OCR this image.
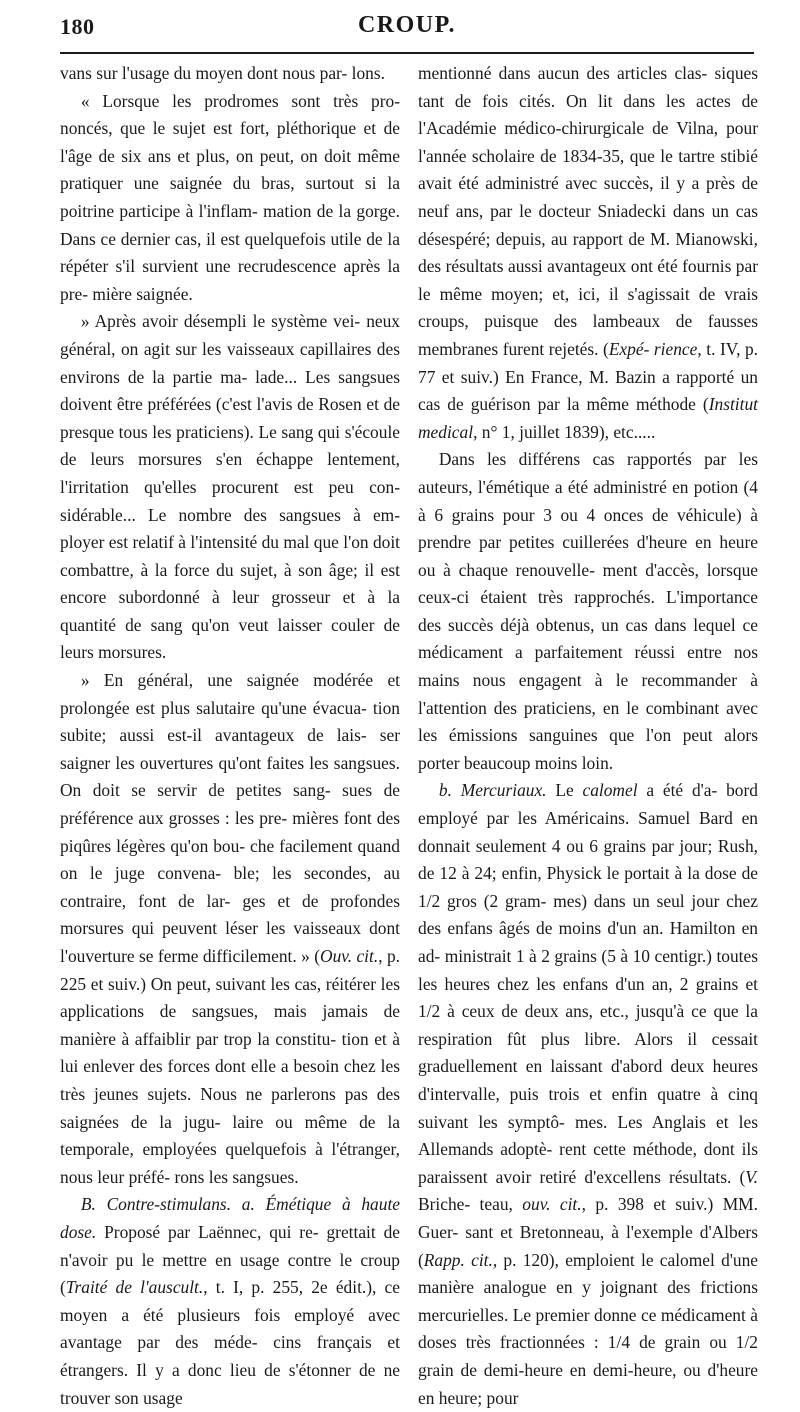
180	CROUP.

vans sur l'usage du moyen dont nous par- lons.

« Lorsque les prodromes sont très pro- noncés, que le sujet est fort, pléthorique et de l'âge de six ans et plus, on peut, on doit même pratiquer une saignée du bras, surtout si la poitrine participe à l'inflam- mation de la gorge. Dans ce dernier cas, il est quelquefois utile de la répéter s'il survient une recrudescence après la pre- mière saignée.

» Après avoir désempli le système vei- neux général, on agit sur les vaisseaux capillaires des environs de la partie ma- lade... Les sangsues doivent être préférées (c'est l'avis de Rosen et de presque tous les praticiens). Le sang qui s'écoule de leurs morsures s'en échappe lentement, l'irritation qu'elles procurent est peu con- sidérable... Le nombre des sangsues à em- ployer est relatif à l'intensité du mal que l'on doit combattre, à la force du sujet, à son âge; il est encore subordonné à leur grosseur et à la quantité de sang qu'on veut laisser couler de leurs morsures.

» En général, une saignée modérée et prolongée est plus salutaire qu'une évacua- tion subite; aussi est-il avantageux de lais- ser saigner les ouvertures qu'ont faites les sangsues. On doit se servir de petites sang- sues de préférence aux grosses : les pre- mières font des piqûres légères qu'on bou- che facilement quand on le juge convena- ble; les secondes, au contraire, font de lar- ges et de profondes morsures qui peuvent léser les vaisseaux dont l'ouverture se ferme difficilement. » (Ouv. cit., p. 225 et suiv.) On peut, suivant les cas, réitérer les applications de sangsues, mais jamais de manière à affaiblir par trop la constitu- tion et à lui enlever des forces dont elle a besoin chez les très jeunes sujets. Nous ne parlerons pas des saignées de la jugu- laire ou même de la temporale, employées quelquefois à l'étranger, nous leur préfé- rons les sangsues.

B. Contre-stimulans. a. Émétique à haute dose. Proposé par Laënnec, qui re- grettait de n'avoir pu le mettre en usage contre le croup (Traité de l'auscult., t. I, p. 255, 2e édit.), ce moyen a été plusieurs fois employé avec avantage par des méde- cins français et étrangers. Il y a donc lieu de s'étonner de ne trouver son usage

mentionné dans aucun des articles clas- siques tant de fois cités. On lit dans les actes de l'Académie médico-chirurgicale de Vilna, pour l'année scholaire de 1834-35, que le tartre stibié avait été administré avec succès, il y a près de neuf ans, par le docteur Sniadecki dans un cas désespéré; depuis, au rapport de M. Mianowski, des résultats aussi avantageux ont été fournis par le même moyen; et, ici, il s'agissait de vrais croups, puisque des lambeaux de fausses membranes furent rejetés. (Expé- rience, t. IV, p. 77 et suiv.) En France, M. Bazin a rapporté un cas de guérison par la même méthode (Institut medical, n° 1, juillet 1839), etc.....

Dans les différens cas rapportés par les auteurs, l'émétique a été administré en potion (4 à 6 grains pour 3 ou 4 onces de véhicule) à prendre par petites cuillerées d'heure en heure ou à chaque renouvelle- ment d'accès, lorsque ceux-ci étaient très rapprochés. L'importance des succès déjà obtenus, un cas dans lequel ce médicament a parfaitement réussi entre nos mains nous engagent à le recommander à l'attention des praticiens, en le combinant avec les émissions sanguines que l'on peut alors porter beaucoup moins loin.

b. Mercuriaux. Le calomel a été d'a- bord employé par les Américains. Samuel Bard en donnait seulement 4 ou 6 grains par jour; Rush, de 12 à 24; enfin, Physick le portait à la dose de 1/2 gros (2 gram- mes) dans un seul jour chez des enfans âgés de moins d'un an. Hamilton en ad- ministrait 1 à 2 grains (5 à 10 centigr.) toutes les heures chez les enfans d'un an, 2 grains et 1/2 à ceux de deux ans, etc., jusqu'à ce que la respiration fût plus libre. Alors il cessait graduellement en laissant d'abord deux heures d'intervalle, puis trois et enfin quatre à cinq suivant les symptô- mes. Les Anglais et les Allemands adoptè- rent cette méthode, dont ils paraissent avoir retiré d'excellens résultats. (V. Briche- teau, ouv. cit., p. 398 et suiv.) MM. Guer- sant et Bretonneau, à l'exemple d'Albers (Rapp. cit., p. 120), emploient le calomel d'une manière analogue en y joignant des frictions mercurielles. Le premier donne ce médicament à doses très fractionnées : 1/4 de grain ou 1/2 grain de demi-heure en demi-heure, ou d'heure en heure; pour
